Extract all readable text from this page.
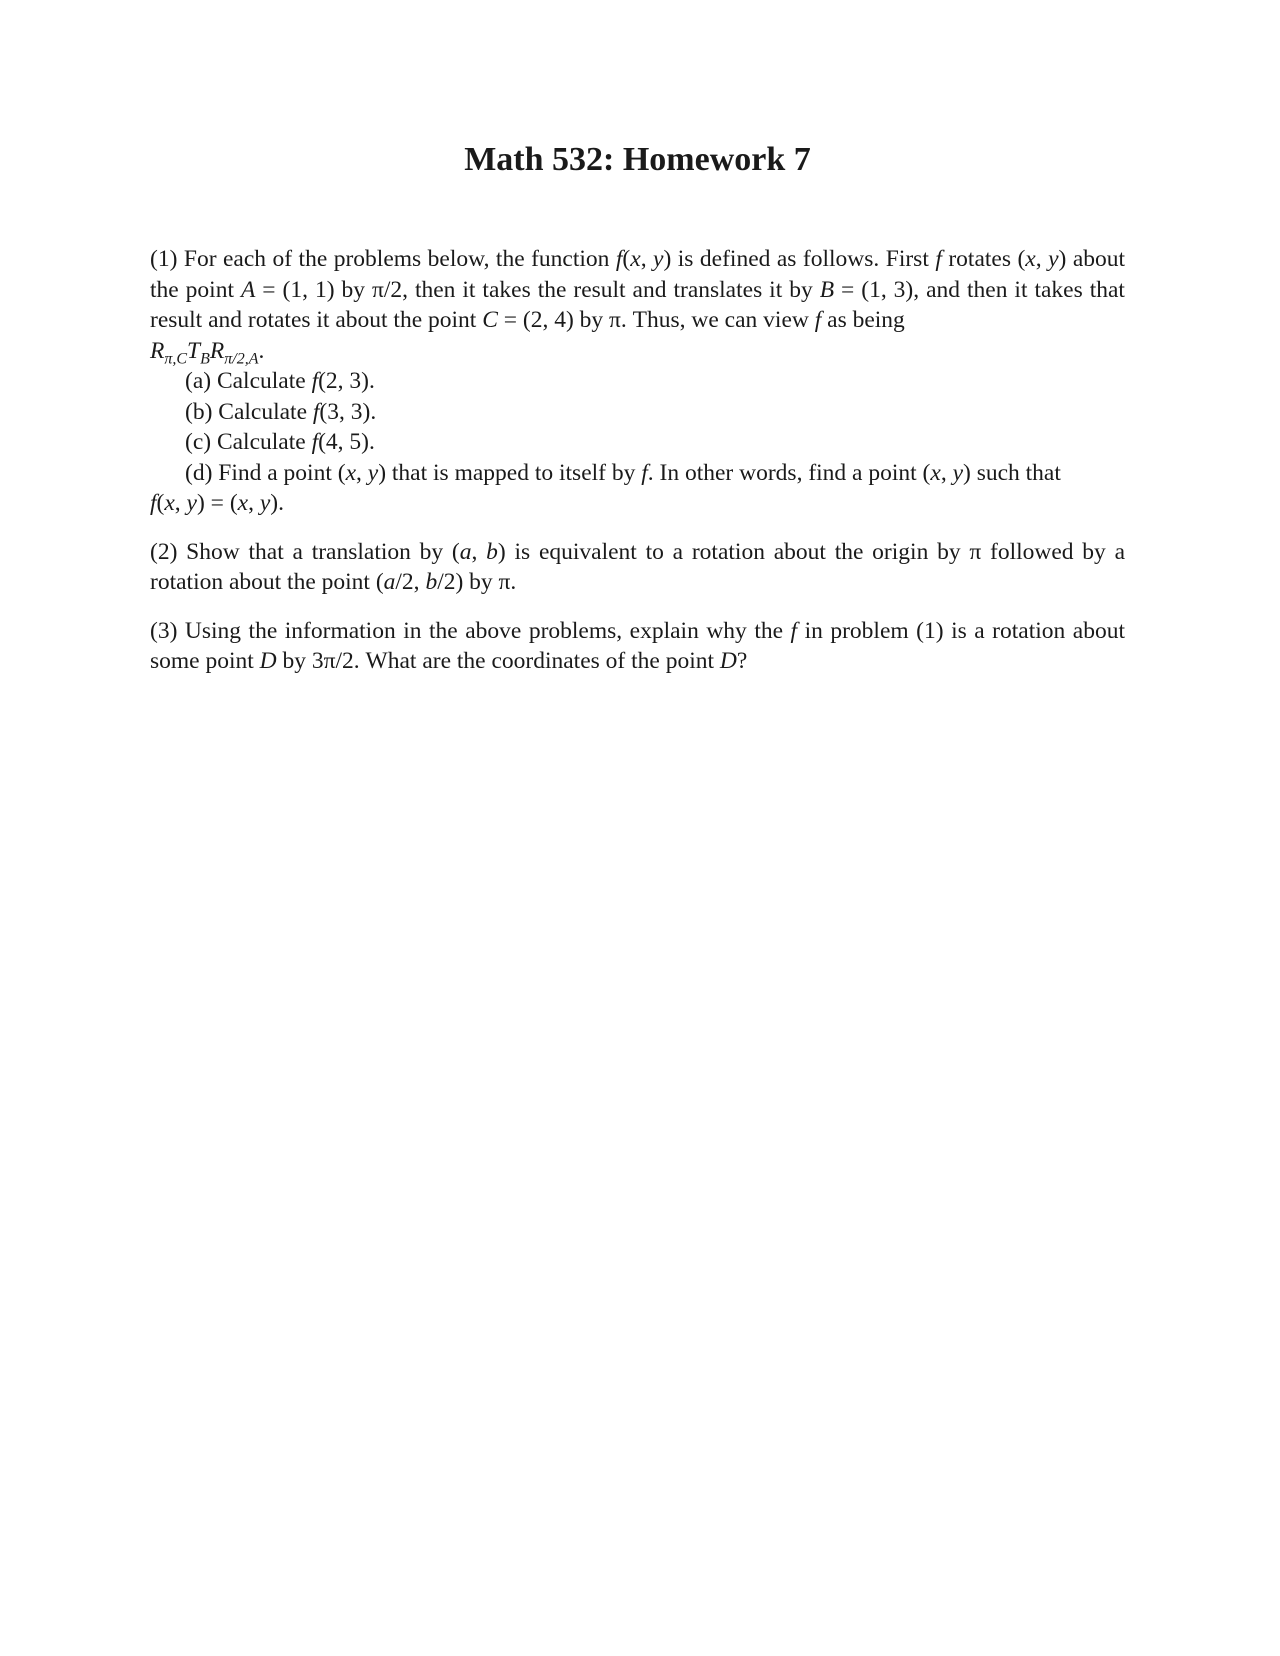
Math 532: Homework 7

(1) For each of the problems below, the function f(x, y) is defined as follows. First f rotates (x, y) about the point A = (1, 1) by π/2, then it takes the result and translates it by B = (1, 3), and then it takes that result and rotates it about the point C = (2, 4) by π. Thus, we can view f as being
$R_{\pi,C}T_BR_{\pi/2,A}$.

(a) Calculate f(2, 3).

(b) Calculate f(3, 3).

(c) Calculate f(4, 5).

(d) Find a point (x, y) that is mapped to itself by f. In other words, find a point (x, y) such that

f(x, y) = (x, y).

(2) Show that a translation by (a, b) is equivalent to a rotation about the origin by π followed by a rotation about the point (a/2, b/2) by π.

(3) Using the information in the above problems, explain why the f in problem (1) is a rotation about some point D by 3π/2. What are the coordinates of the point D?
